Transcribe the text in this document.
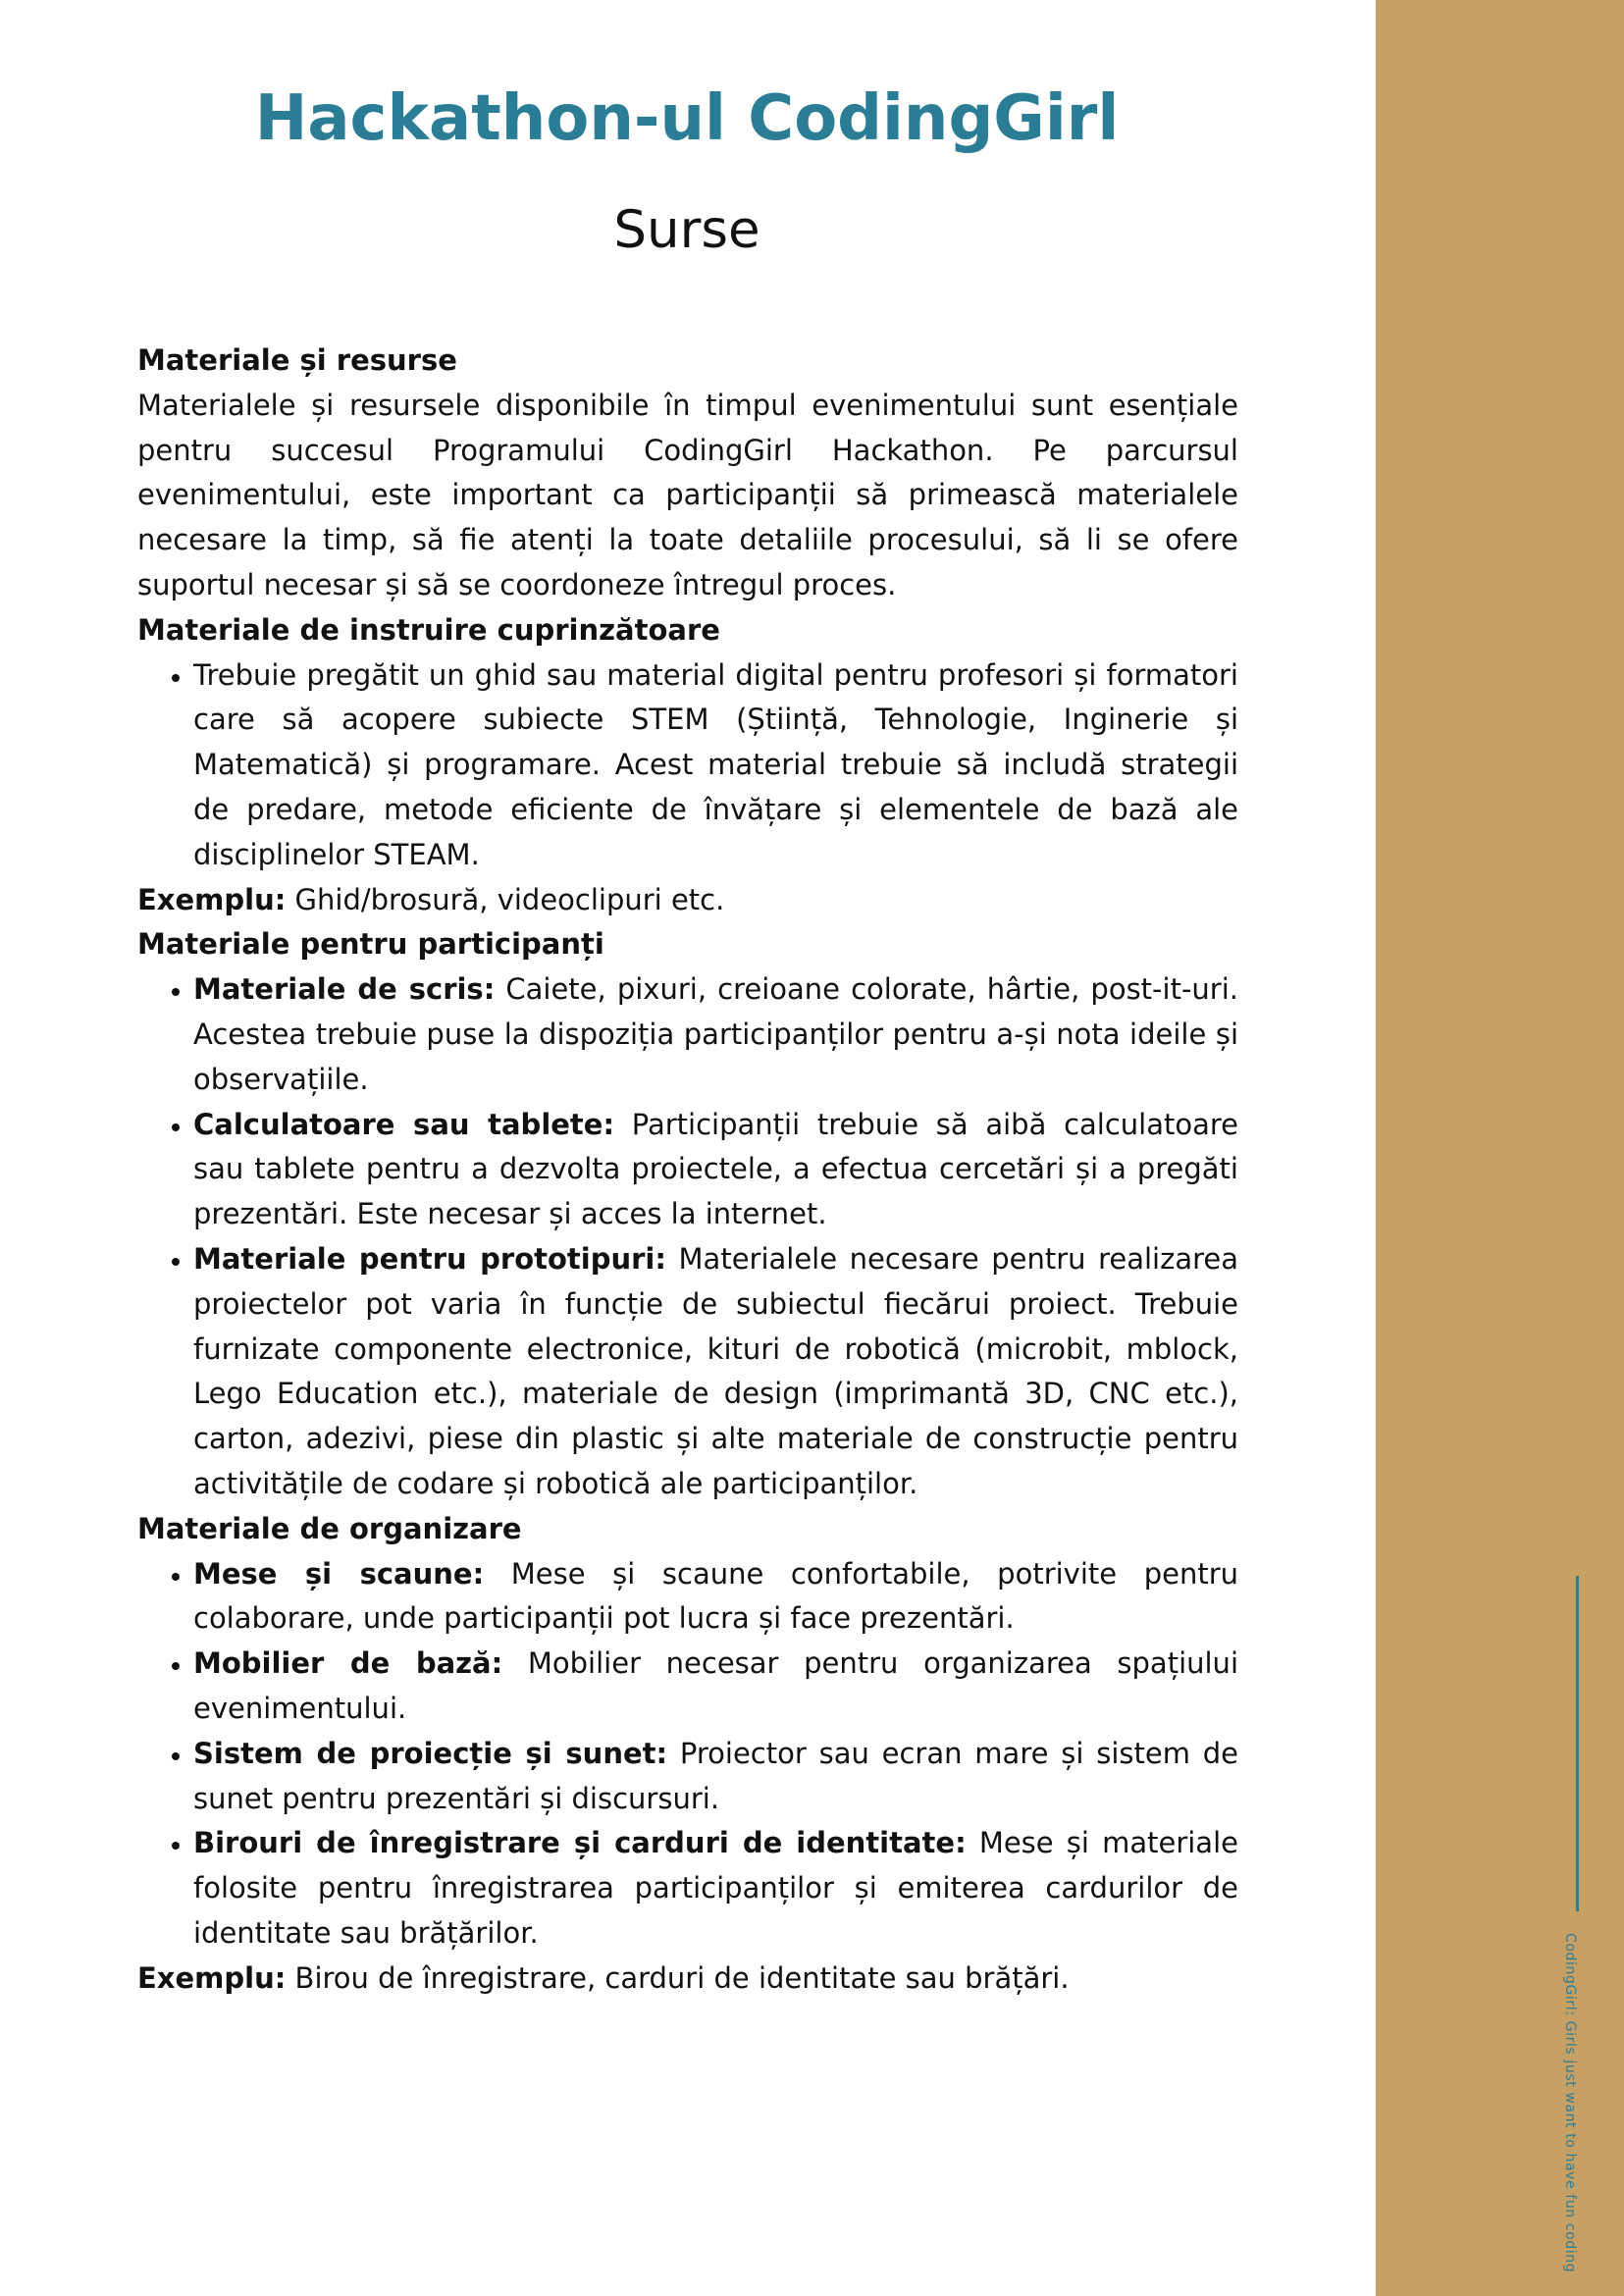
CodingGirl: Girls just want to have fun coding
Hackathon-ul CodingGirl
Surse
Materiale și resurse

Materialele și resursele disponibile în timpul evenimentului sunt esențiale pentru succesul Programului CodingGirl Hackathon. Pe parcursul evenimentului, este important ca participanții să primească materialele necesare la timp, să fie atenți la toate detaliile procesului, să li se ofere suportul necesar și să se coordoneze întregul proces.

Materiale de instruire cuprinzătoare
• Trebuie pregătit un ghid sau material digital pentru profesori și formatori care să acopere subiecte STEM (Știință, Tehnologie, Inginerie și Matematică) și programare. Acest material trebuie să includă strategii de predare, metode eficiente de învățare și elementele de bază ale disciplinelor STEAM.

Exemplu: Ghid/brosură, videoclipuri etc.

Materiale pentru participanți
• Materiale de scris: Caiete, pixuri, creioane colorate, hârtie, post-it-uri. Acestea trebuie puse la dispoziția participanților pentru a-și nota ideile și observațiile.
• Calculatoare sau tablete: Participanții trebuie să aibă calculatoare sau tablete pentru a dezvolta proiectele, a efectua cercetări și a pregăti prezentări. Este necesar și acces la internet.
• Materiale pentru prototipuri: Materialele necesare pentru realizarea proiectelor pot varia în funcție de subiectul fiecărui proiect. Trebuie furnizate componente electronice, kituri de robotică (microbit, mblock, Lego Education etc.), materiale de design (imprimantă 3D, CNC etc.), carton, adezivi, piese din plastic și alte materiale de construcție pentru activitățile de codare și robotică ale participanților.
Materiale de organizare
• Mese și scaune: Mese și scaune confortabile, potrivite pentru colaborare, unde participanții pot lucra și face prezentări.
• Mobilier de bază: Mobilier necesar pentru organizarea spațiului evenimentului.
• Sistem de proiecție și sunet: Proiector sau ecran mare și sistem de sunet pentru prezentări și discursuri.
• Birouri de înregistrare și carduri de identitate: Mese și materiale folosite pentru înregistrarea participanților și emiterea cardurilor de identitate sau brățărilor.

Exemplu: Birou de înregistrare, carduri de identitate sau brățări.
